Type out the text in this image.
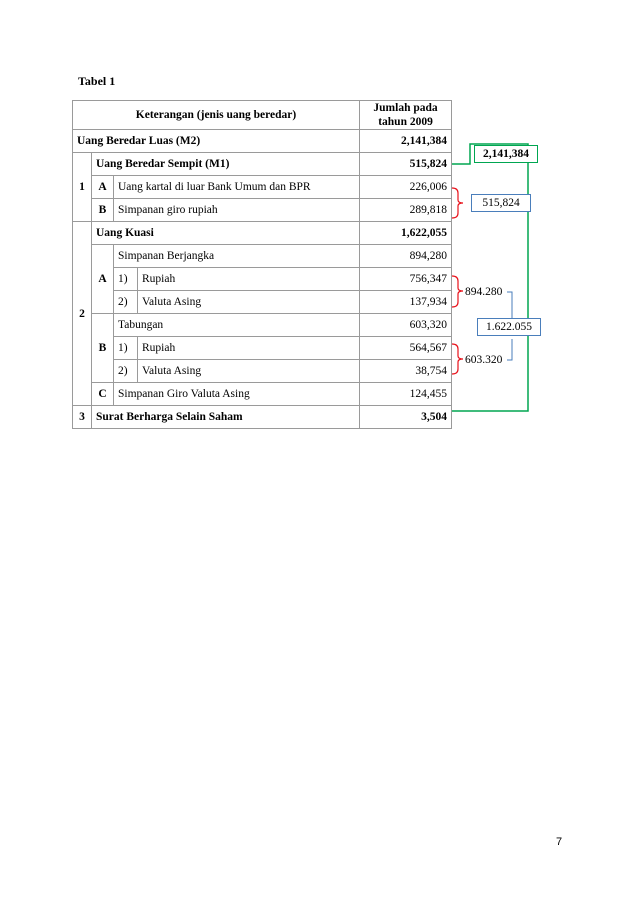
Tabel 1
Keterangan (jenis uang beredar)				Jumlah pada tahun 2009
Uang Beredar Luas (M2)				2,141,384
1	Uang Beredar Sempit (M1)			515,824
	A	Uang kartal di luar Bank Umum dan BPR		226,006
	B	Simpanan giro rupiah		289,818
2	Uang Kuasi			1,622,055
	A	Simpanan Berjangka		894,280
		1)	Rupiah	756,347
		2)	Valuta Asing	137,934
	B	Tabungan		603,320
		1)	Rupiah	564,567
		2)	Valuta Asing	38,754
	C	Simpanan Giro Valuta Asing		124,455
3	Surat Berharga Selain Saham			3,504
2,141,384
515,824
894.280
1.622.055
603.320
7
